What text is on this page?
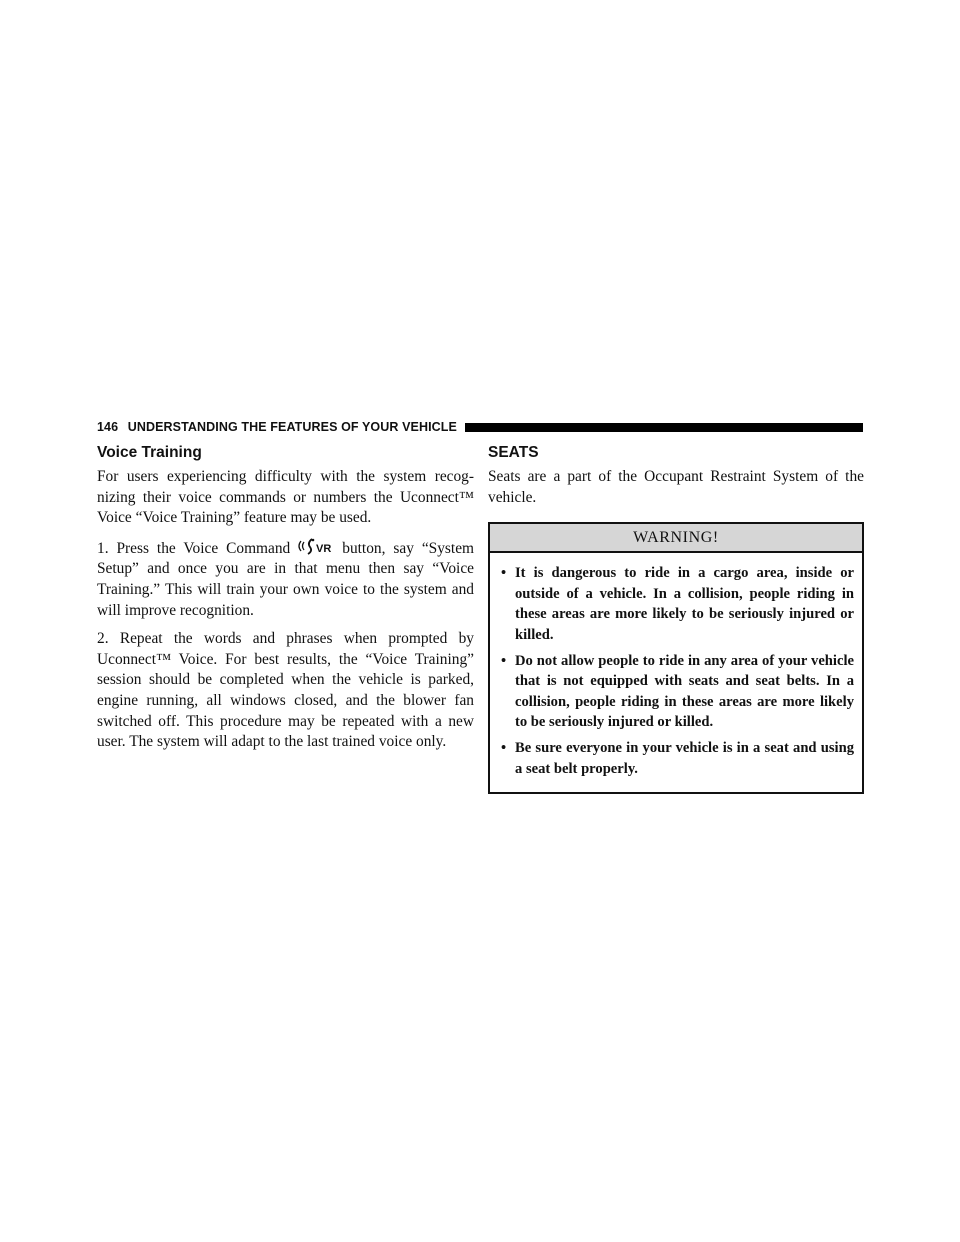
146 UNDERSTANDING THE FEATURES OF YOUR VEHICLE
Voice Training

For users experiencing difficulty with the system recog-nizing their voice commands or numbers the Uconnect™ Voice “Voice Training” feature may be used.

1. Press the Voice Command VR button, say “System Setup” and once you are in that menu then say “Voice Training.” This will train your own voice to the system and will improve recognition.

2. Repeat the words and phrases when prompted by Uconnect™ Voice. For best results, the “Voice Training” session should be completed when the vehicle is parked, engine running, all windows closed, and the blower fan switched off. This procedure may be repeated with a new user. The system will adapt to the last trained voice only.

SEATS

Seats are a part of the Occupant Restraint System of the vehicle.

WARNING!
• It is dangerous to ride in a cargo area, inside or outside of a vehicle. In a collision, people riding in these areas are more likely to be seriously injured or killed.
• Do not allow people to ride in any area of your vehicle that is not equipped with seats and seat belts. In a collision, people riding in these areas are more likely to be seriously injured or killed.
• Be sure everyone in your vehicle is in a seat and using a seat belt properly.
